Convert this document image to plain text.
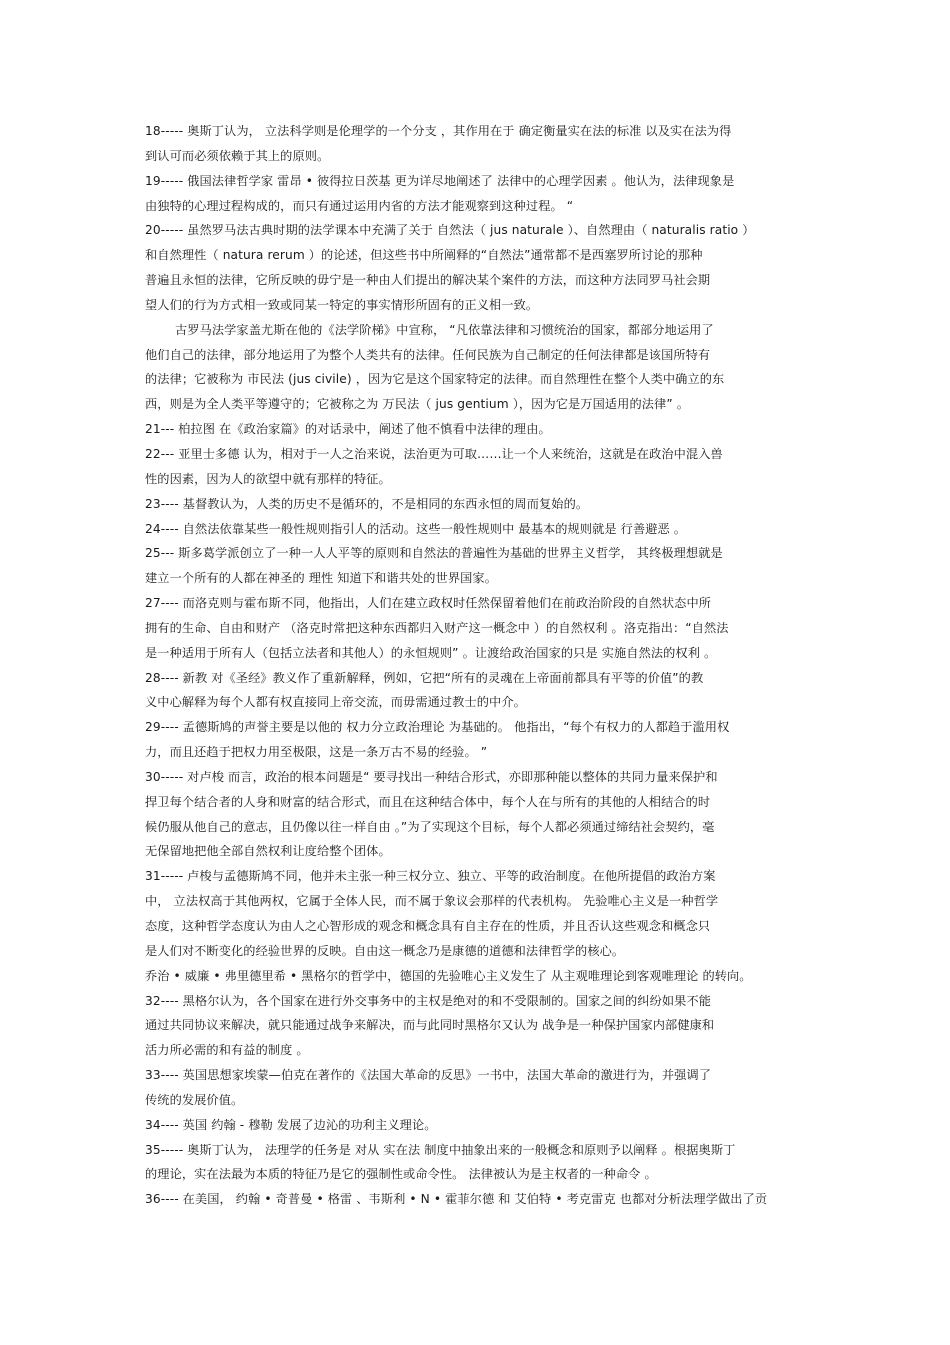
18----- 奥斯丁认为， 立法科学则是伦理学的一个分支 ，其作用在于 确定衡量实在法的标准 以及实在法为得
到认可而必须依赖于其上的原则。
19----- 俄国法律哲学家 雷昂 • 彼得拉日茨基 更为详尽地阐述了 法律中的心理学因素 。他认为，法律现象是
由独特的心理过程构成的，而只有通过运用内省的方法才能观察到这种过程。 “
20----- 虽然罗马法古典时期的法学课本中充满了关于 自然法（ jus naturale ）、自然理由（ naturalis ratio ）
和自然理性（ natura rerum ）的论述，但这些书中所阐释的“自然法”通常都不是西塞罗所讨论的那种
普遍且永恒的法律，它所反映的毋宁是一种由人们提出的解决某个案件的方法，而这种方法同罗马社会期
望人们的行为方式相一致或同某一特定的事实情形所固有的正义相一致。
古罗马法学家盖尤斯在他的《法学阶梯》中宣称， “凡依靠法律和习惯统治的国家，都部分地运用了
他们自己的法律，部分地运用了为整个人类共有的法律。任何民族为自己制定的任何法律都是该国所特有
的法律；它被称为 市民法 (jus civile) ，因为它是这个国家特定的法律。而自然理性在整个人类中确立的东
西，则是为全人类平等遵守的；它被称之为 万民法（ jus gentium ），因为它是万国适用的法律” 。
21--- 柏拉图 在《政治家篇》的对话录中，阐述了他不慎看中法律的理由。
22--- 亚里士多德 认为，相对于一人之治来说，法治更为可取……让一个人来统治，这就是在政治中混入兽
性的因素，因为人的欲望中就有那样的特征。
23---- 基督教认为，人类的历史不是循环的，不是相同的东西永恒的周而复始的。
24---- 自然法依靠某些一般性规则指引人的活动。这些一般性规则中 最基本的规则就是 行善避恶 。
25--- 斯多葛学派创立了一种一人人平等的原则和自然法的普遍性为基础的世界主义哲学， 其终极理想就是
建立一个所有的人都在神圣的 理性 知道下和谐共处的世界国家。
27---- 而洛克则与霍布斯不同，他指出，人们在建立政权时任然保留着他们在前政治阶段的自然状态中所
拥有的生命、自由和财产 （洛克时常把这种东西都归入财产这一概念中 ）的自然权利 。洛克指出：“自然法
是一种适用于所有人（包括立法者和其他人）的永恒规则” 。让渡给政治国家的只是 实施自然法的权利 。
28---- 新教 对《圣经》教义作了重新解释，例如，它把“所有的灵魂在上帝面前都具有平等的价值”的教
义中心解释为每个人都有权直接同上帝交流，而毋需通过教士的中介。
29---- 孟德斯鸠的声誉主要是以他的 权力分立政治理论 为基础的。 他指出，“每个有权力的人都趋于滥用权
力，而且还趋于把权力用至极限，这是一条万古不易的经验。 ”
30----- 对卢梭 而言，政治的根本问题是“ 要寻找出一种结合形式，亦即那种能以整体的共同力量来保护和
捍卫每个结合者的人身和财富的结合形式，而且在这种结合体中，每个人在与所有的其他的人相结合的时
候仍服从他自己的意志，且仍像以往一样自由 。”为了实现这个目标，每个人都必须通过缔结社会契约，毫
无保留地把他全部自然权利让度给整个团体。
31----- 卢梭与孟德斯鸠不同，他并未主张一种三权分立、独立、平等的政治制度。在他所提倡的政治方案
中， 立法权高于其他两权，它属于全体人民，而不属于象议会那样的代表机构。 先验唯心主义是一种哲学
态度，这种哲学态度认为由人之心智形成的观念和概念具有自主存在的性质，并且否认这些观念和概念只
是人们对不断变化的经验世界的反映。自由这一概念乃是康德的道德和法律哲学的核心。
乔治 • 威廉 • 弗里德里希 • 黑格尔的哲学中，德国的先验唯心主义发生了 从主观唯理论到客观唯理论 的转向。
32---- 黑格尔认为，各个国家在进行外交事务中的主权是绝对的和不受限制的。国家之间的纠纷如果不能
通过共同协议来解决，就只能通过战争来解决，而与此同时黑格尔又认为 战争是一种保护国家内部健康和
活力所必需的和有益的制度 。
33---- 英国思想家埃蒙—伯克在著作的《法国大革命的反思》一书中，法国大革命的激进行为，并强调了
传统的发展价值。
34---- 英国 约翰 - 穆勒 发展了边沁的功利主义理论。
35----- 奥斯丁认为， 法理学的任务是 对从 实在法 制度中抽象出来的一般概念和原则予以阐释 。根据奥斯丁
的理论，实在法最为本质的特征乃是它的强制性或命令性。 法律被认为是主权者的一种命令 。
36---- 在美国， 约翰 • 奇普曼 • 格雷 、韦斯利 • N • 霍菲尔德 和 艾伯特 • 考克雷克 也都对分析法理学做出了贡
